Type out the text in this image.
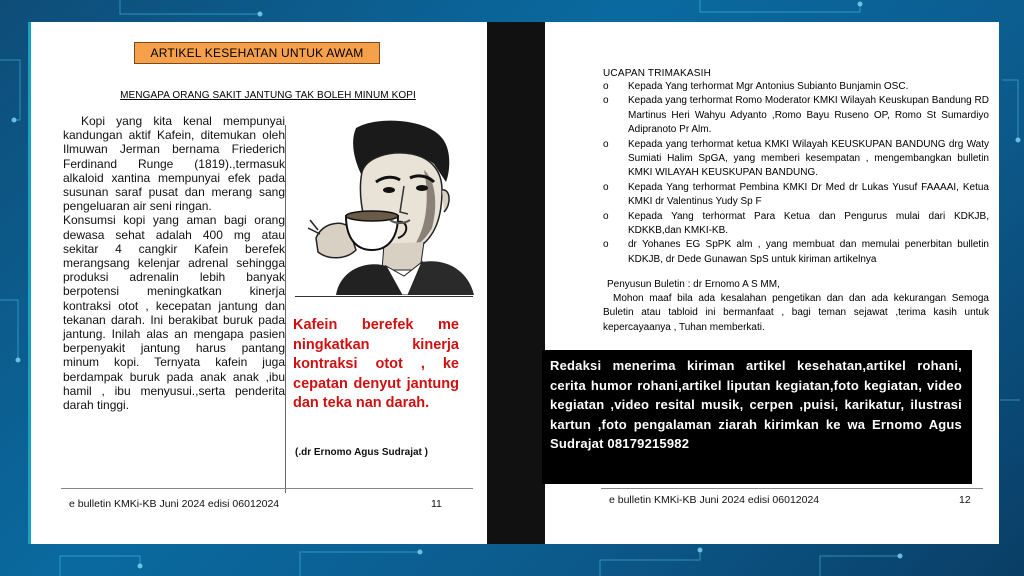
ARTIKEL KESEHATAN UNTUK AWAM
MENGAPA ORANG SAKIT JANTUNG TAK BOLEH MINUM KOPI

Kopi yang kita kenal mempunyai kandungan aktif Kafein, ditemukan oleh Ilmuwan Jerman bernama Friederich Ferdinand Runge (1819).,termasuk alkaloid xantina mempunyai efek pada susunan saraf pusat dan merang sang pengeluaran air seni ringan.

Konsumsi kopi yang aman bagi orang dewasa sehat adalah 400 mg atau sekitar 4 cangkir Kafein berefek merangsang kelenjar adrenal sehingga produksi adrenalin lebih banyak berpotensi meningkatkan kinerja kontraksi otot , kecepatan jantung dan tekanan darah. Ini berakibat buruk pada jantung. Inilah alas an mengapa pasien berpenyakit jantung harus pantang minum kopi. Ternyata kafein juga berdampak buruk pada anak anak ,ibu hamil , ibu menyusui.,serta penderita darah tinggi.

Kafein berefek me ningkatkan kinerja kontraksi otot , ke cepatan denyut jantung dan teka nan darah.
(.dr Ernomo Agus Sudrajat )
e bulletin KMKi-KB Juni 2024 edisi 06012024	11
UCAPAN TRIMAKASIH
o Kepada Yang terhormat Mgr Antonius Subianto Bunjamin OSC.
o Kepada yang terhormat Romo Moderator KMKI Wilayah Keuskupan Bandung RD Martinus Heri Wahyu Adyanto ,Romo Bayu Ruseno OP, Romo St Sumardiyo Adipranoto Pr Alm.
o Kepada yang terhormat ketua KMKI Wilayah KEUSKUPAN BANDUNG drg Waty Sumiati Halim SpGA, yang memberi kesempatan , mengembangkan bulletin KMKI WILAYAH KEUSKUPAN BANDUNG.
o Kepada Yang terhormat Pembina KMKI Dr Med dr Lukas Yusuf FAAAAI, Ketua KMKI dr Valentinus Yudy Sp F
o Kepada Yang terhormat Para Ketua dan Pengurus mulai dari KDKJB, KDKKB,dan KMKI-KB.
o dr Yohanes EG SpPK alm , yang membuat dan memulai penerbitan bulletin KDKJB, dr Dede Gunawan SpS untuk kiriman artikelnya
Penyusun Buletin : dr Ernomo A S MM,
Mohon maaf bila ada kesalahan pengetikan dan dan ada kekurangan Semoga Buletin atau tabloid ini bermanfaat , bagi teman sejawat ,terima kasih untuk kepercayaanya , Tuhan memberkati.
e bulletin KMKi-KB Juni 2024 edisi 06012024	12
Redaksi menerima kiriman artikel kesehatan,artikel rohani, cerita humor rohani,artikel liputan kegiatan,foto kegiatan, video kegiatan ,video resital musik, cerpen ,puisi, karikatur, ilustrasi kartun ,foto pengalaman ziarah kirimkan ke wa Ernomo Agus Sudrajat 08179215982
